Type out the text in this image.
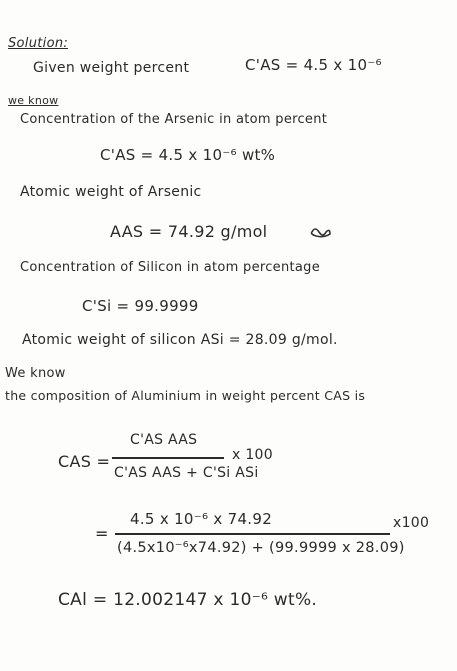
Solution:
Given weight percent	C'AS = 4.5 x 10⁻⁶
we know
Concentration of the Arsenic in atom percent
C'AS = 4.5 x 10⁻⁶ wt%
Atomic weight of Arsenic
AAS = 74.92 g/mol
Concentration of Silicon in atom percentage
C'Si = 99.9999
Atomic weight of silicon ASi = 28.09 g/mol.
We know
the composition of Aluminium in weight percent CAS is
CAS =
C'AS AAS
C'AS AAS + C'Si ASi
x 100
=
4.5 x 10⁻⁶ x 74.92
(4.5x10⁻⁶x74.92) + (99.9999 x 28.09)
x100
CAl = 12.002147 x 10⁻⁶ wt%.
